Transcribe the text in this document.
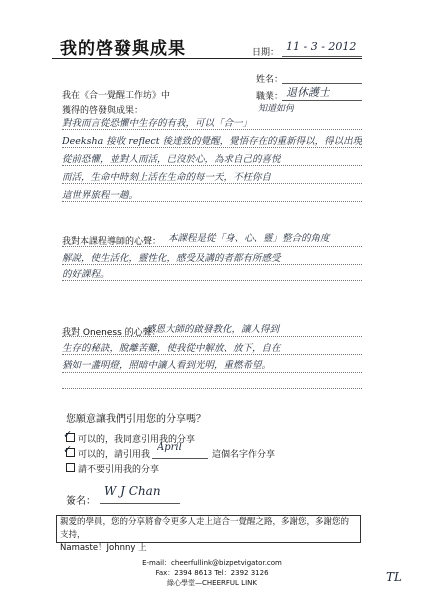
我的啓發與成果	日期： 11 - 3 - 2012
姓名：
職業： 退休護士
知道如何
我在《合一覺醒工作坊》中
獲得的啓發與成果：
對我而言從恐懼中生存的有我，可以「合一」
Deeksha 接收 reflect 後達致的覺醒，覺悟存在的重新得以，得以出現
從前恐懼，並對人而活，已沒於心，為求自己的喜悦
而活，生命中時刻上活在生命的每一天，不枉你自
這世界旅程一趟。
我對本課程導師的心聲： 本課程是從「身、心、靈」整合的角度
解說，使生活化，靈性化，感受及講的者都有所感受
的好課程。
我對 Oneness 的心聲：
感恩大師的啟發教化，讓人得到
生存的秘訣，脫離苦難，使我從中解放、放下，自在
猶如一盞明燈，照暗中讓人看到光明，重燃希望。
您願意讓我們引用您的分享嗎？
✓ 可以的，我同意引用我的分享
✓ 可以的，請引用我
April
這個名字作分享
請不要引用我的分享
簽名：
W J Chan
親愛的學員，您的分享將會令更多人走上這合一覺醒之路，多謝您，多謝您的支持，
Namaste！Johnny 上
E-mail：cheerfullink@bizpetvigator.com
Fax：2394 8613 Tel：2392 3126
綠心學堂—CHEERFUL LINK	TL
